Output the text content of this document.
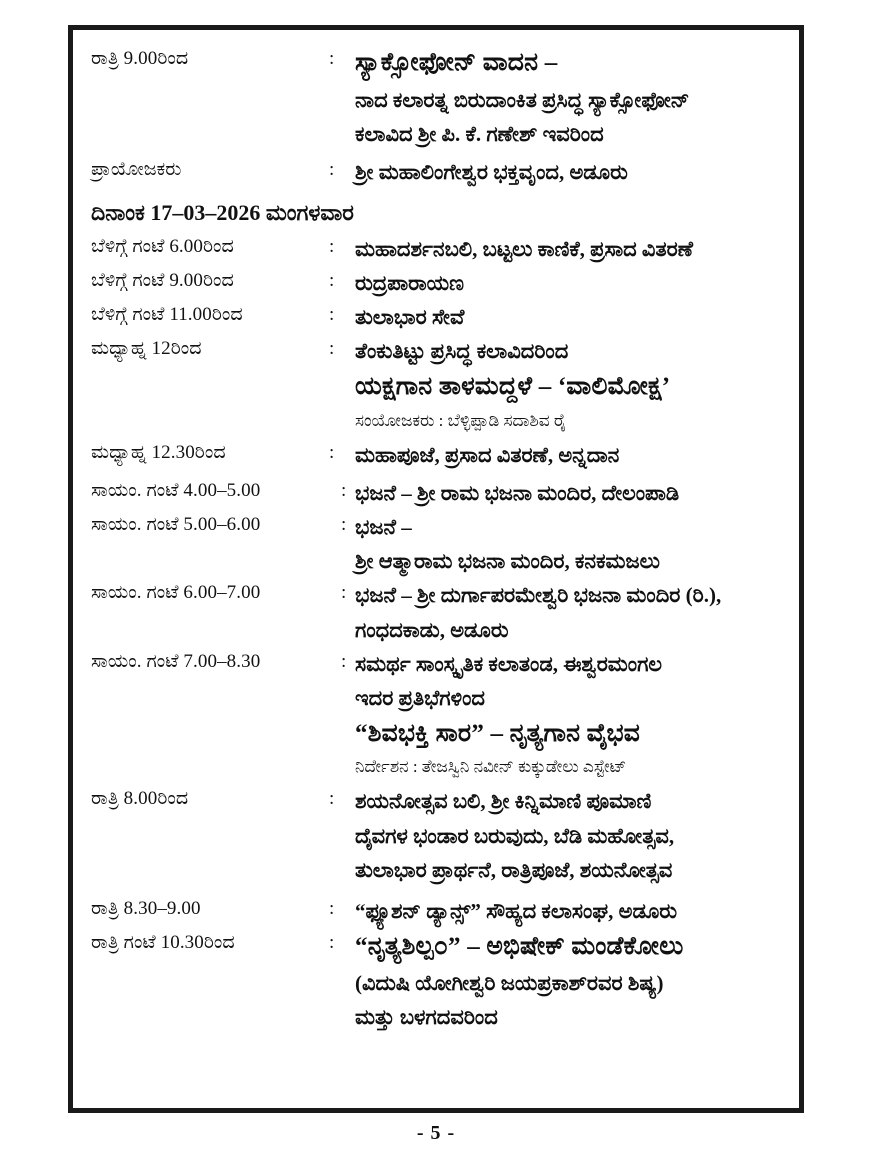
ರಾತ್ರಿ 9.00ರಿಂದ	: ಸ್ಯಾಕ್ಸೋಫೋನ್ ವಾದನ –
ನಾದ ಕಲಾರತ್ನ ಬಿರುದಾಂಕಿತ ಪ್ರಸಿದ್ಧ ಸ್ಯಾಕ್ಸೋಫೋನ್
ಕಲಾವಿದ ಶ್ರೀ ಪಿ. ಕೆ. ಗಣೇಶ್ ಇವರಿಂದ
ಪ್ರಾಯೋಜಕರು	: ಶ್ರೀ ಮಹಾಲಿಂಗೇಶ್ವರ ಭಕ್ತವೃಂದ, ಅಡೂರು
ದಿನಾಂಕ 17–03–2026 ಮಂಗಳವಾರ
ಬೆಳಿಗ್ಗೆ ಗಂಟೆ 6.00ರಿಂದ	: ಮಹಾದರ್ಶನಬಲಿ, ಬಟ್ಟಲು ಕಾಣಿಕೆ, ಪ್ರಸಾದ ವಿತರಣೆ
ಬೆಳಿಗ್ಗೆ ಗಂಟೆ 9.00ರಿಂದ	: ರುದ್ರಪಾರಾಯಣ
ಬೆಳಿಗ್ಗೆ ಗಂಟೆ 11.00ರಿಂದ	: ತುಲಾಭಾರ ಸೇವೆ
ಮಧ್ಯಾಹ್ನ 12ರಿಂದ	: ತೆಂಕುತಿಟ್ಟು ಪ್ರಸಿದ್ಧ ಕಲಾವಿದರಿಂದ
ಯಕ್ಷಗಾನ ತಾಳಮದ್ದಳೆ – ‘ವಾಲಿಮೋಕ್ಷ’
ಸಂಯೋಜಕರು : ಬೆಳ್ಳಿಪ್ಪಾಡಿ ಸದಾಶಿವ ರೈ
ಮಧ್ಯಾಹ್ನ 12.30ರಿಂದ	: ಮಹಾಪೂಜೆ, ಪ್ರಸಾದ ವಿತರಣೆ, ಅನ್ನದಾನ
ಸಾಯಂ. ಗಂಟೆ 4.00–5.00	: ಭಜನೆ – ಶ್ರೀ ರಾಮ ಭಜನಾ ಮಂದಿರ, ದೇಲಂಪಾಡಿ
ಸಾಯಂ. ಗಂಟೆ 5.00–6.00	: ಭಜನೆ –
ಶ್ರೀ ಆತ್ಮಾರಾಮ ಭಜನಾ ಮಂದಿರ, ಕನಕಮಜಲು
ಸಾಯಂ. ಗಂಟೆ 6.00–7.00	: ಭಜನೆ – ಶ್ರೀ ದುರ್ಗಾಪರಮೇಶ್ವರಿ ಭಜನಾ ಮಂದಿರ (ರಿ.),
ಗಂಧದಕಾಡು, ಅಡೂರು
ಸಾಯಂ. ಗಂಟೆ 7.00–8.30	: ಸಮರ್ಥ ಸಾಂಸ್ಕೃತಿಕ ಕಲಾತಂಡ, ಈಶ್ವರಮಂಗಲ
ಇದರ ಪ್ರತಿಭೆಗಳಿಂದ
“ಶಿವಭಕ್ತಿ ಸಾರ” – ನೃತ್ಯಗಾನ ವೈಭವ
ನಿರ್ದೇಶನ : ತೇಜಸ್ವಿನಿ ನವೀನ್ ಕುಕ್ಕುಡೇಲು ಎಸ್ಟೇಟ್
ರಾತ್ರಿ 8.00ರಿಂದ	: ಶಯನೋತ್ಸವ ಬಲಿ, ಶ್ರೀ ಕಿನ್ನಿಮಾಣಿ ಪೂಮಾಣಿ
ದೈವಗಳ ಭಂಡಾರ ಬರುವುದು, ಬೆಡಿ ಮಹೋತ್ಸವ,
ತುಲಾಭಾರ ಪ್ರಾರ್ಥನೆ, ರಾತ್ರಿಪೂಜೆ, ಶಯನೋತ್ಸವ
ರಾತ್ರಿ 8.30–9.00	: “ಫ್ಯೂಶನ್ ಡ್ಯಾನ್ಸ್” ಸೌಹ್ಯದ ಕಲಾಸಂಘ, ಅಡೂರು
ರಾತ್ರಿ ಗಂಟೆ 10.30ರಿಂದ	: “ನೃತ್ಯಶಿಲ್ಪ೦” – ಅಭಿಷೇಕ್ ಮಂಡೆಕೋಲು
(ವಿದುಷಿ ಯೋಗೀಶ್ವರಿ ಜಯಪ್ರಕಾಶ್‌ರವರ ಶಿಷ್ಯ)
ಮತ್ತು ಬಳಗದವರಿಂದ
- 5 -
